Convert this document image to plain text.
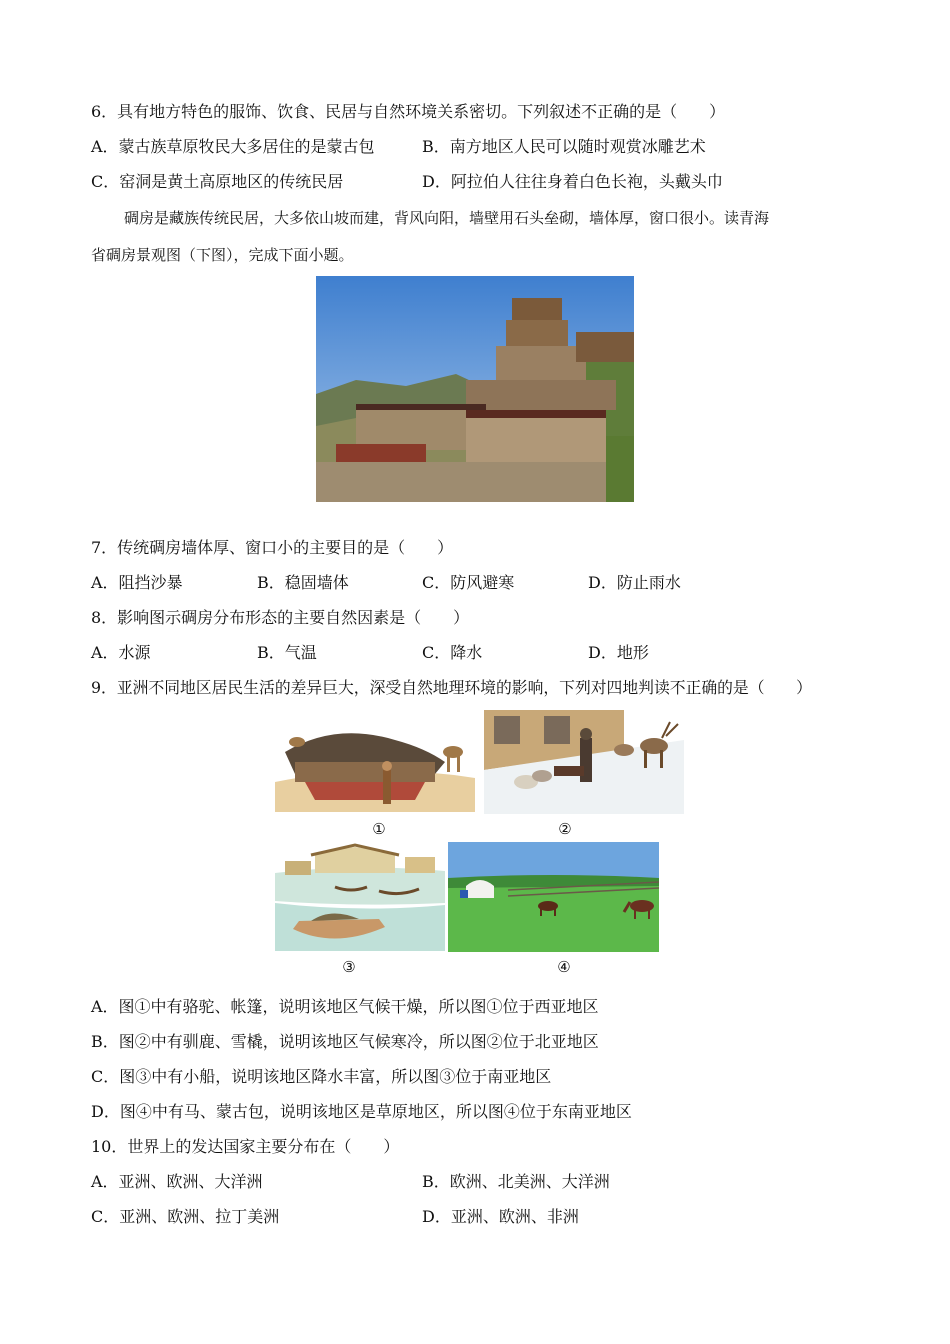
6．具有地方特色的服饰、饮食、民居与自然环境关系密切。下列叙述不正确的是（　　）
A．蒙古族草原牧民大多居住的是蒙古包	B．南方地区人民可以随时观赏冰雕艺术
C．窑洞是黄土高原地区的传统民居	D．阿拉伯人往往身着白色长袍，头戴头巾
碉房是藏族传统民居，大多依山坡而建，背风向阳，墙壁用石头垒砌，墙体厚，窗口很小。读青海
省碉房景观图（下图），完成下面小题。
7．传统碉房墙体厚、窗口小的主要目的是（　　）
A．阻挡沙暴	B．稳固墙体	C．防风避寒	D．防止雨水
8．影响图示碉房分布形态的主要自然因素是（　　）
A．水源	B．气温	C．降水	D．地形
9．亚洲不同地区居民生活的差异巨大，深受自然地理环境的影响，下列对四地判读不正确的是（　　）
①	②
③	④
A．图①中有骆驼、帐篷，说明该地区气候干燥，所以图①位于西亚地区
B．图②中有驯鹿、雪橇，说明该地区气候寒冷，所以图②位于北亚地区
C．图③中有小船，说明该地区降水丰富，所以图③位于南亚地区
D．图④中有马、蒙古包，说明该地区是草原地区，所以图④位于东南亚地区
10．世界上的发达国家主要分布在（　　）
A．亚洲、欧洲、大洋洲	B．欧洲、北美洲、大洋洲
C．亚洲、欧洲、拉丁美洲	D．亚洲、欧洲、非洲
